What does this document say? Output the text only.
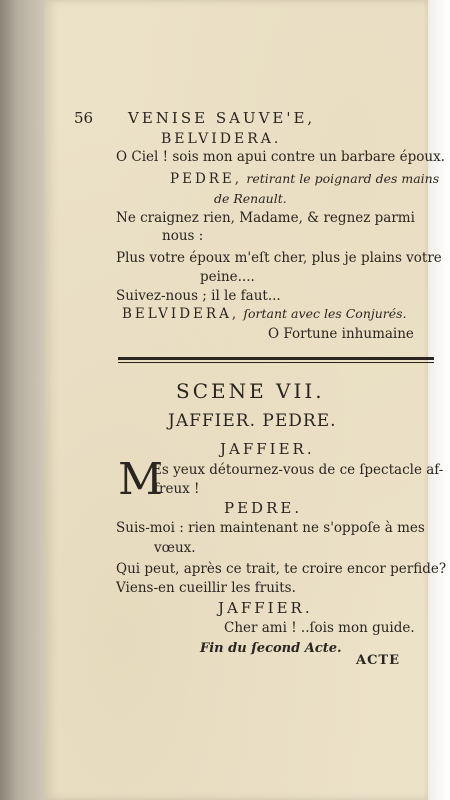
56 VENISE SAUVE'E,
BELVIDERA.
O Ciel ! sois mon apui contre un barbare époux.
PEDRE, retirant le poignard des mains
de Renault.
Ne craignez rien, Madame, & regnez parmi
nous :
Plus votre époux m'eſt cher, plus je plains votre
peine....
Suivez-nous ; il le faut...
BELVIDERA, ſortant avec les Conjurés.
O Fortune inhumaine
SCENE VII.
JAFFIER. PEDRE.
JAFFIER.
M
Es yeux détournez-vous de ce ſpectacle af-
freux !
PEDRE.
Suis-moi : rien maintenant ne s'oppoſe à mes
vœux.
Qui peut, après ce trait, te croire encor perfide?
Viens-en cueillir les fruits.
JAFFIER.
Cher ami ! ..ſois mon guide.
Fin du ſecond Acte.
ACTE
